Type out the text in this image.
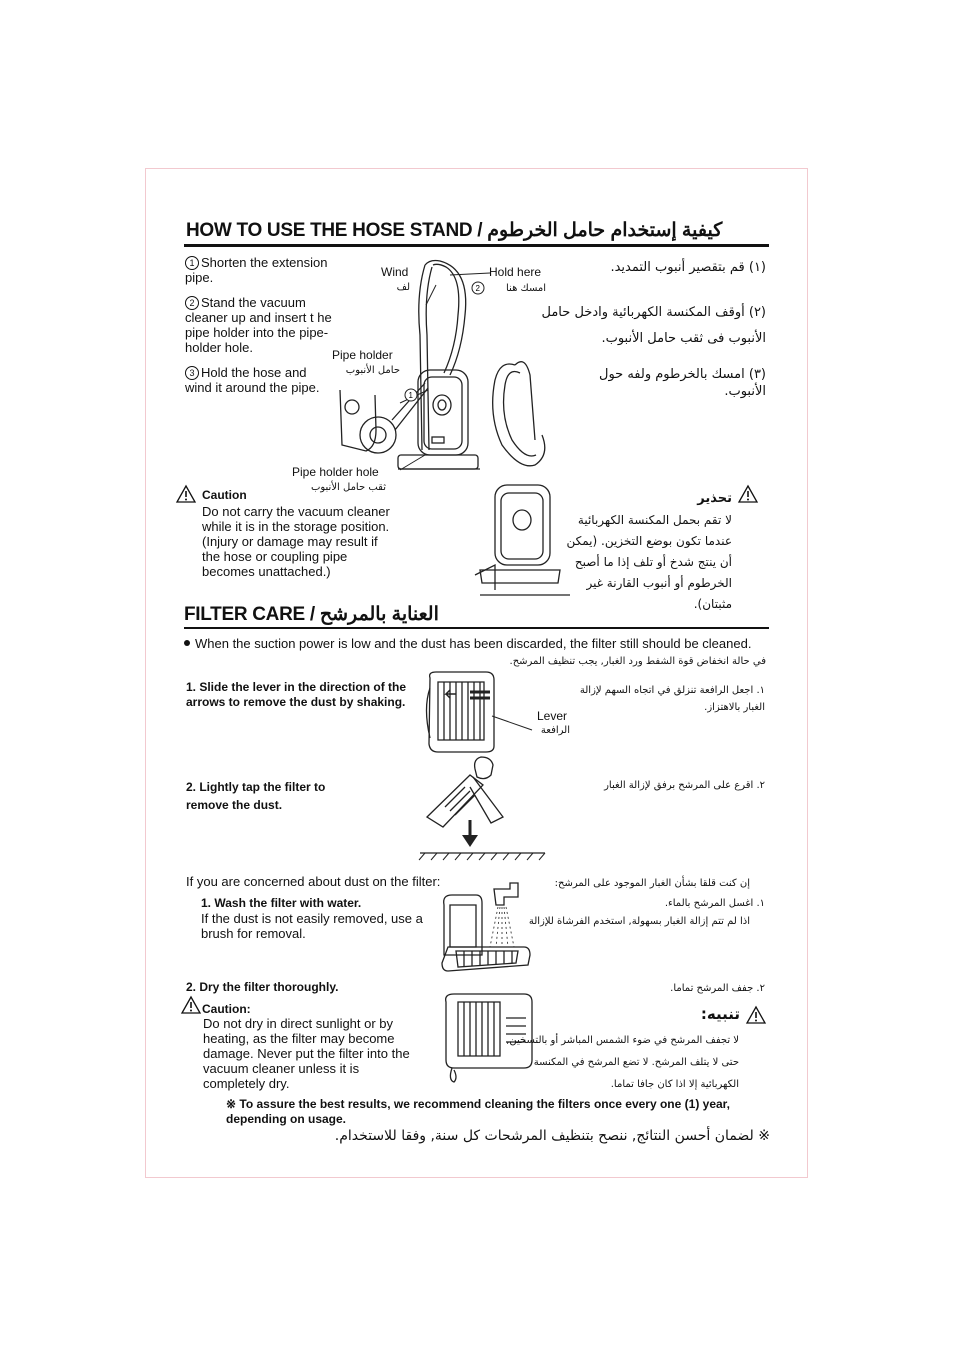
HOW TO USE THE HOSE STAND / كيفية إستخدام حامل الخرطوم
1 Shorten the extension pipe.
2 Stand the vacuum cleaner up and insert t he pipe holder into the pipe-holder hole.
3 Hold the hose and wind it around the pipe.
(١) قم بتقصير أنبوب التمديد.
(٢) أوقف المكنسة الكهربائية وادخل حامل الأنبوب فى ثقب حامل الأنبوب.
(٣) امسك بالخرطوم ولفه حول الأنبوب.
2
1
Wind
لف
Hold here
امسك هنا
Pipe holder
حامل الأنبوب
Pipe holder hole
ثقب حامل الأنبوب
Caution
Do not carry the vacuum cleaner while it is in the storage position. (Injury or damage may result if the hose or coupling pipe becomes unattached.)
تحذير
لا تقم بحمل المكنسة الكهربائية عندما تكون بوضع التخزين. (يمكن أن ينتج شدخ أو تلف إذا ما أصبح الخرطوم أو أنبوب القارنة غير مثبتان).
FILTER CARE / العناية بالمرشح
When the suction power is low and the dust has been discarded, the filter still should be cleaned.
في حالة انخفاض قوة الشفط ورد الغبار, يجب تنظيف المرشح.
1. Slide the lever in the direction of the arrows to remove the dust by shaking.
١. اجعل الرافعة تنزلق في اتجاه السهم لإزالة الغبار بالاهتزاز.
Lever
الرافعة
2. Lightly tap the filter to remove the dust.
٢. اقرع على المرشح برفق لإزالة الغبار
If you are concerned about dust on the filter:	إن كنت قلقا بشأن الغبار الموجود على المرشح:
1. Wash the filter with water.
If the dust is not easily removed, use a brush for removal.
١. اغسل المرشح بالماء.
اذا لم تتم إزالة الغبار بسهولة, استخدم الفرشاة للإزالة
2. Dry the filter thoroughly.	٢. جفف المرشح تماما.
Caution:
Do not dry in direct sunlight or by heating, as the filter may become damage. Never put the filter into the vacuum cleaner unless it is completely dry.
تنبيه:
لا تجفف المرشح في ضوء الشمس المباشر أو بالتسخين, حتى لا يتلف المرشح. لا تضع المرشح في المكنسة الكهربائية إلا اذا كان جافا تماما.
※ To assure the best results, we recommend cleaning the filters once every one (1) year, depending on usage.
※ لضمان أحسن النتائج, ننصح بتنظيف المرشحات كل سنة, وفقا للاستخدام.
